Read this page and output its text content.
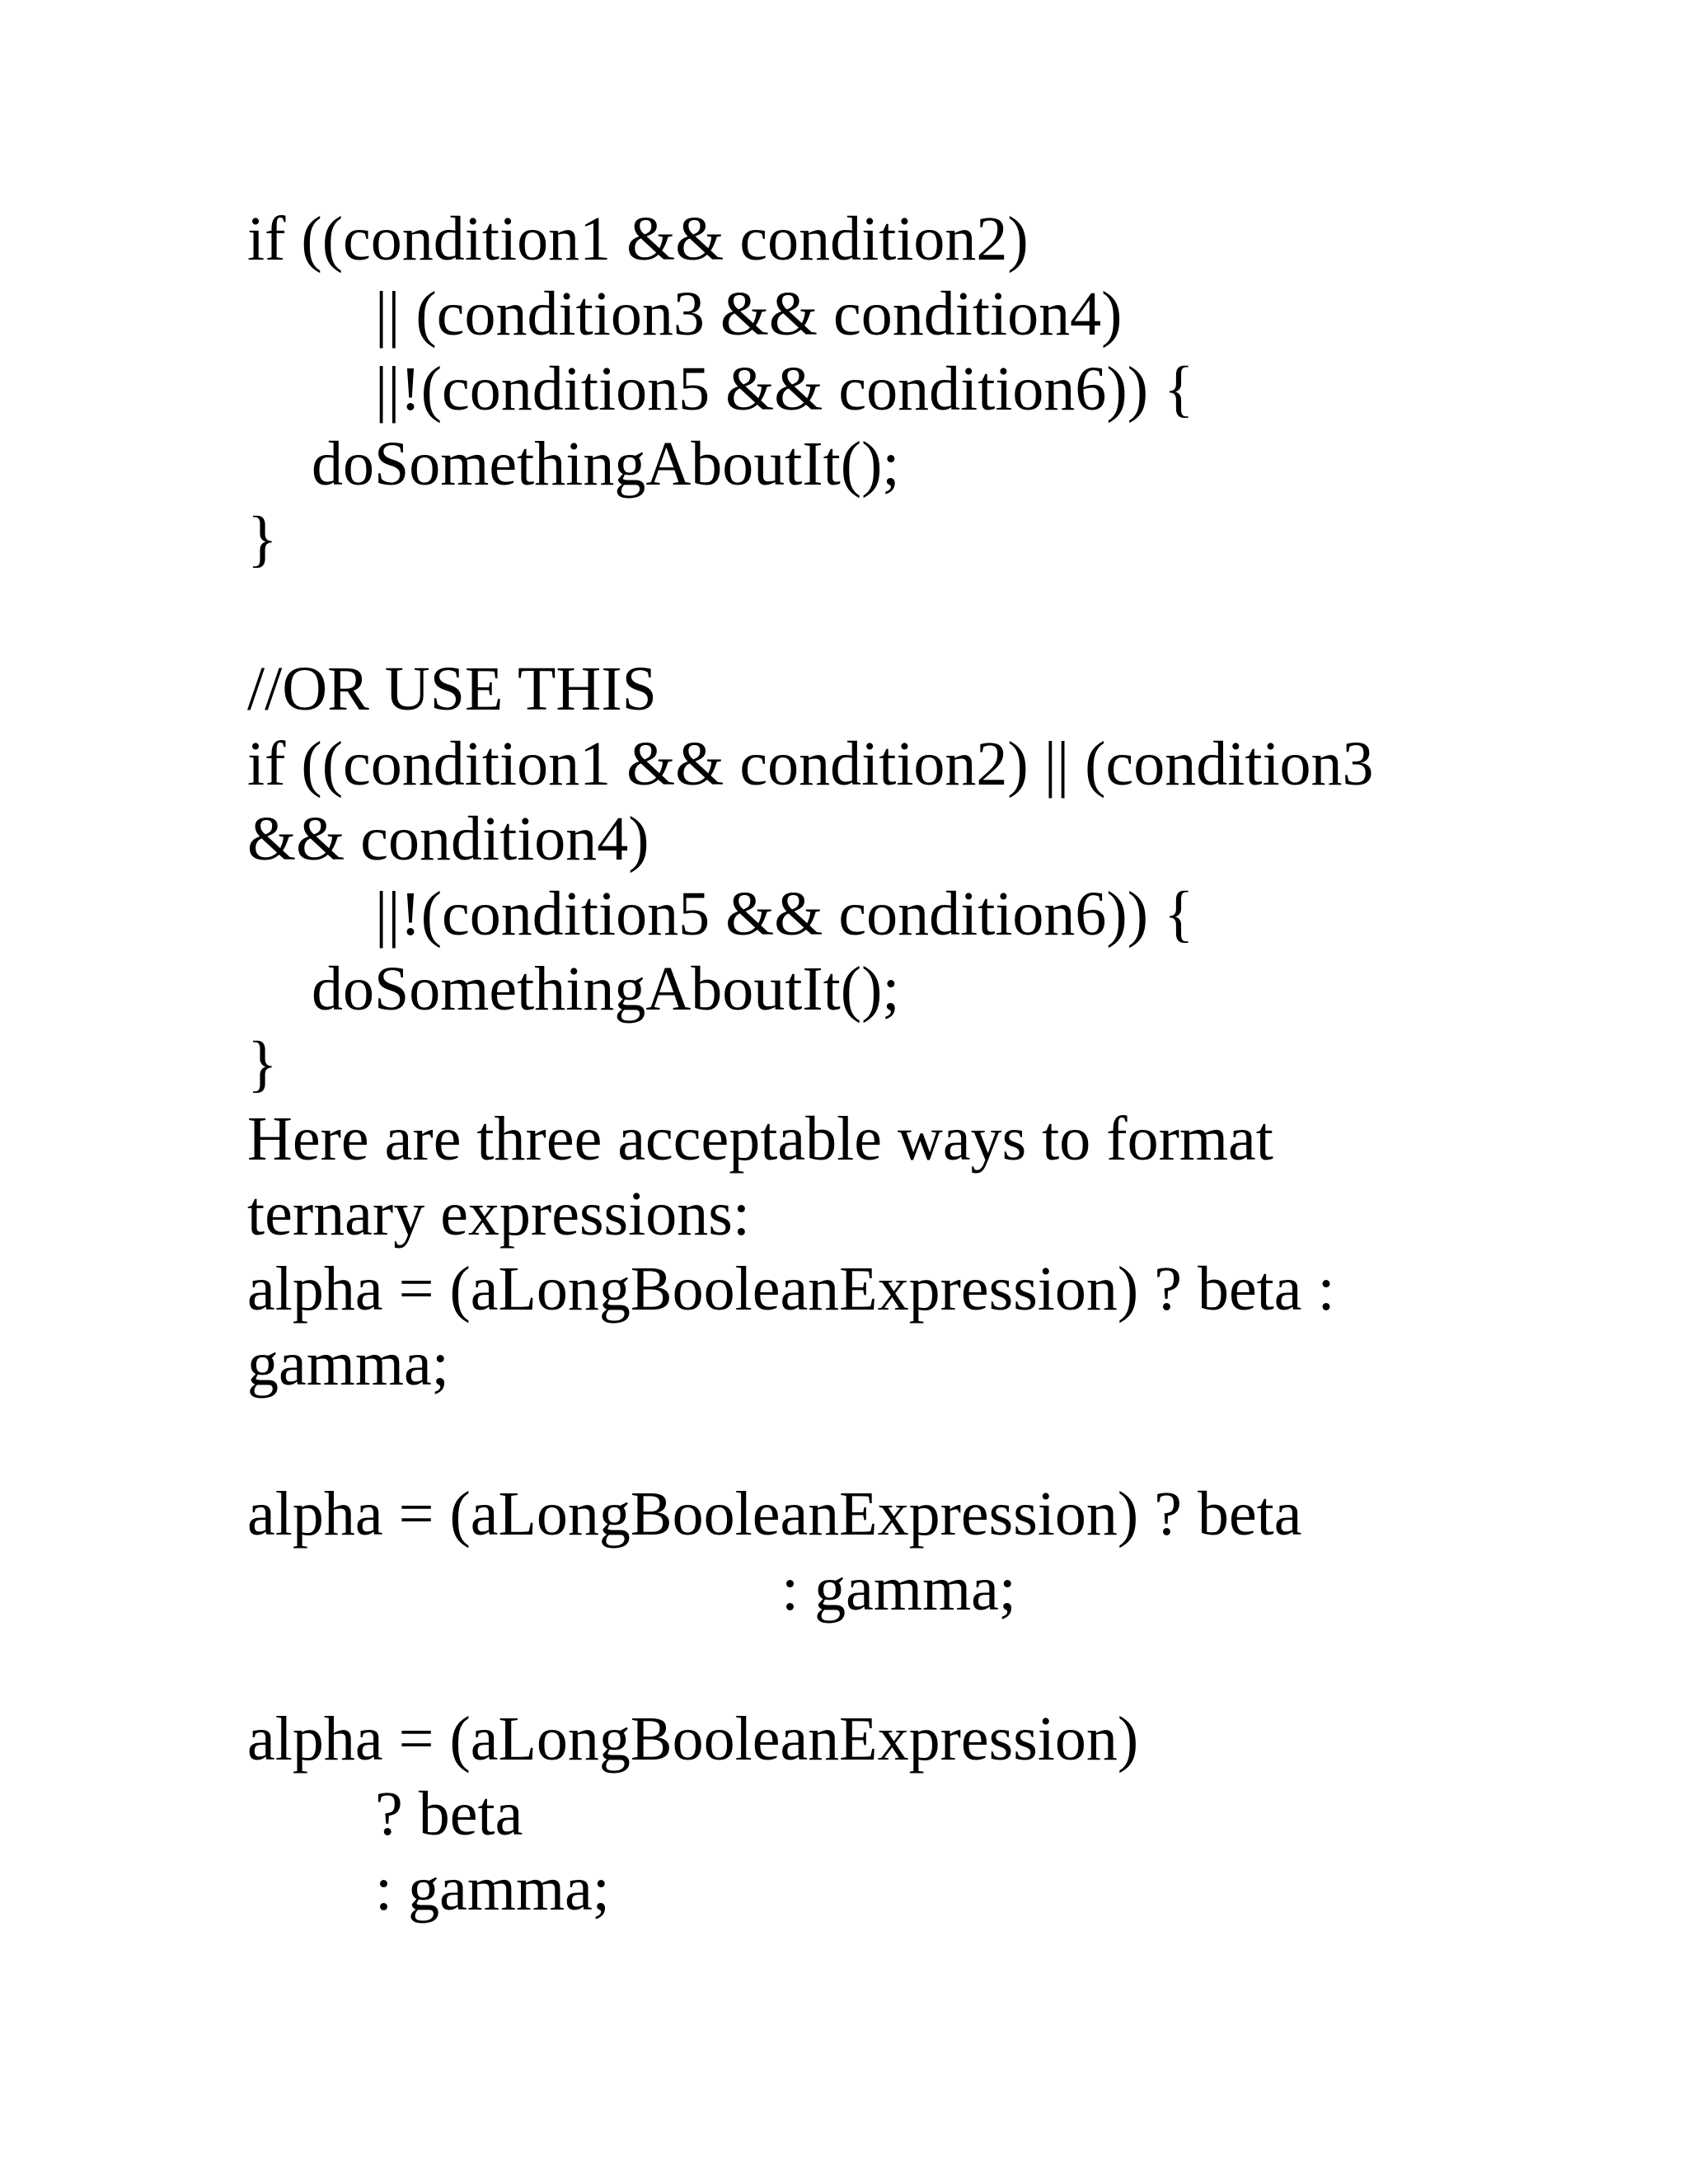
if ((condition1 && condition2)

|| (condition3 && condition4)

||!(condition5 && condition6)) {

doSomethingAboutIt();

}

//OR USE THIS

if ((condition1 && condition2) || (condition3

&& condition4)

||!(condition5 && condition6)) {

doSomethingAboutIt();

}

Here are three acceptable ways to format

ternary expressions:

alpha = (aLongBooleanExpression) ? beta :

gamma;

alpha = (aLongBooleanExpression) ? beta

: gamma;

alpha = (aLongBooleanExpression)

? beta

: gamma;
